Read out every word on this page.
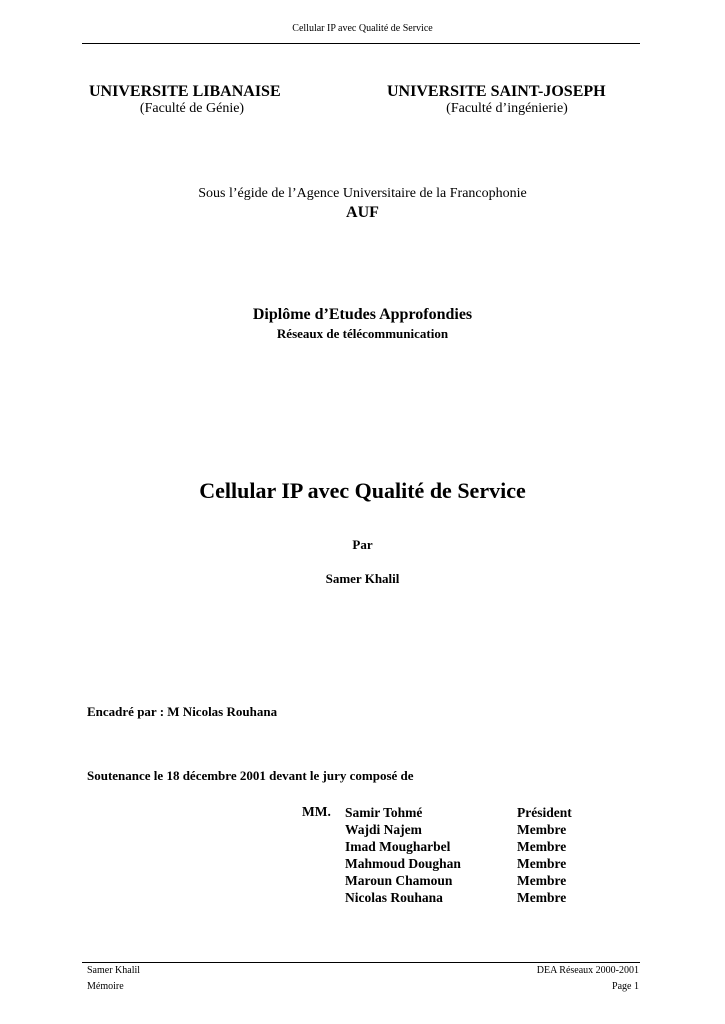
Cellular IP avec Qualité de Service
UNIVERSITE LIBANAISE
(Faculté de Génie)
UNIVERSITE SAINT-JOSEPH
(Faculté d’ingénierie)
Sous l’égide de l’Agence Universitaire de la Francophonie
AUF
Diplôme d’Etudes Approfondies
Réseaux de télécommunication
Cellular IP avec Qualité de Service
Par
Samer Khalil
Encadré par : M Nicolas Rouhana
Soutenance le 18 décembre 2001 devant le jury composé de
MM. Samir Tohmé	Président
Wajdi Najem	Membre
Imad Mougharbel	Membre
Mahmoud Doughan	Membre
Maroun Chamoun	Membre
Nicolas Rouhana	Membre
Samer Khalil
Mémoire
DEA Réseaux 2000-2001
Page 1
